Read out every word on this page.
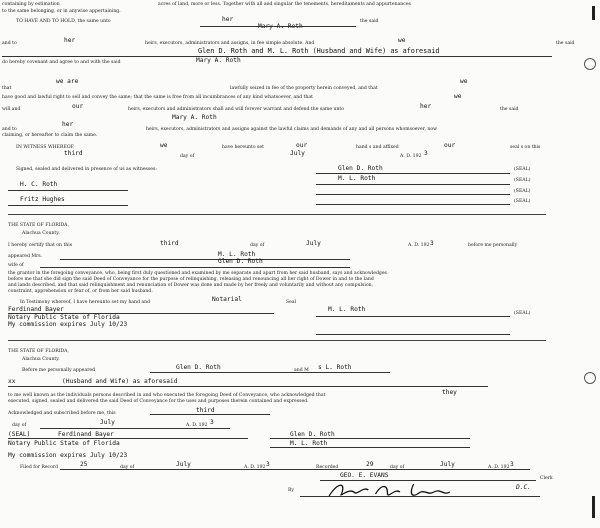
containing by estimation	acres of land, more or less. Together with all and singular the tenements, hereditaments and appurtenances
to the same belonging, or in anywise appertaining.
TO HAVE AND TO HOLD, the same unto	her
Mary A. Roth
the said
and to	her	heirs, executors, administrators and assigns, in fee simple absolute. And	we	the said
Glen D. Roth and M. L. Roth (Husband and Wife) as aforesaid
do hereby covenant and agree to and with the said	Mary A. Roth
that
we are
lawfully seized in fee of the property herein conveyed, and that
we
have good and lawful right to sell and convey the same; that the same is free from all incumbrances of any kind whatsoever, and that	we
will and	our	heirs, executors and administrators shall and will forever warrant and defend the same unto	her	the said
Mary A. Roth
and to
her
heirs, executors, administrators and assigns against the lawful claims and demands of any and all persons whomsoever, now
claiming, or hereafter to claim the same.
IN WITNESS WHEREOF,	we	have hereunto set	our	hand s and affixed	our	seal s on this
third	day of	July	A. D. 192 3
Signed, sealed and delivered in presence of us as witnesses:
H. C. Roth
Fritz Hughes
Glen D. Roth
M. L. Roth
(SEAL)
(SEAL)
(SEAL)
(SEAL)
THE STATE OF FLORIDA,
Alachua County.
I hereby certify that on this	third	day of	July	A. D. 192 3	before me personally
appeared Mrs.	M. L. Roth
wife of
Glen D. Roth
the grantor in the foregoing conveyance, who, being first duly questioned and examined by me separate and apart from her said husband, says and acknowledges
before me that she did sign the said Deed of Conveyance for the purpose of relinquishing, releasing and renouncing all her right of Dower in and to the land
and lands described, and that said relinquishment and renunciation of Dower was done and made by her freely and voluntarily and without any compulsion,
constraint, apprehension or fear of, or from her said husband.
In Testimony whereof, I have hereunto set my hand and	Notarial	Seal
Ferdinand Bayer
Notary Public State of Florida
My commission expires July 10/23
M. L. Roth
(SEAL)
THE STATE OF FLORIDA,
Alachua County.
Before me personally appeared	Glen D. Roth	and M s L. Roth
xx	(Husband and Wife) as aforesaid
to me well known as the individuals persons described in and who executed the foregoing Deed of Conveyance, who acknowledged that	they
executed, signed, sealed and delivered the said Deed of Conveyance for the uses and purposes therein contained and expressed.
Acknowledged and subscribed before me, this	third
July
day of	A. D. 192 3
(SEAL)	Ferdinand Bayer
Notary Public State of Florida
Glen D. Roth
M. L. Roth
My commission expires July 10/23
Filed for Record	25	day of	July	A. D. 192 3	Recorded	29	day of	July	A. D. 192 3
GEO. E. EVANS	Clerk
By	D.C.
